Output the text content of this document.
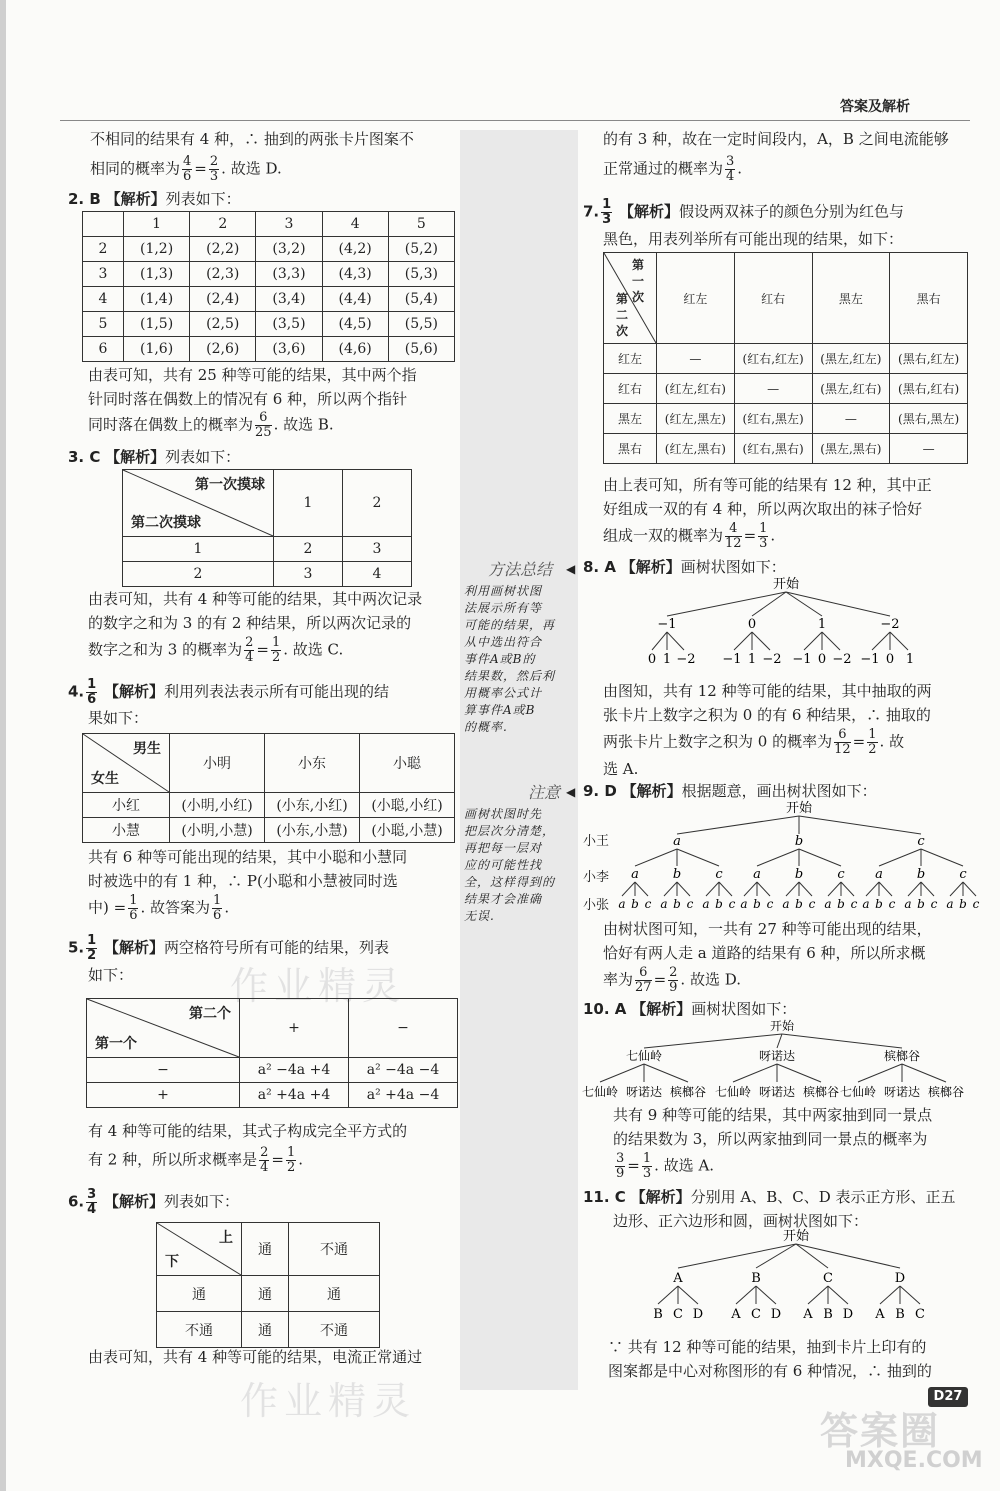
答案及解析
不相同的结果有 4 种，∴ 抽到的两张卡片图案不
相同的概率为 $\frac{4}{6} = \frac{2}{3}$ . 故选 D.
2. B 【解析】列表如下：
	1	2	3	4	5
2	(1,2)	(2,2)	(3,2)	(4,2)	(5,2)
3	(1,3)	(2,3)	(3,3)	(4,3)	(5,3)
4	(1,4)	(2,4)	(3,4)	(4,4)	(5,4)
5	(1,5)	(2,5)	(3,5)	(4,5)	(5,5)
6	(1,6)	(2,6)	(3,6)	(4,6)	(5,6)
由表可知，共有 25 种等可能的结果，其中两个指
针同时落在偶数上的情况有 6 种，所以两个指针
同时落在偶数上的概率为 $\frac{6}{25}$ . 故选 B.
3. C 【解析】列表如下：
第一次摸球
第二次摸球	1	2
1	2	3
2	3	4
由表可知，共有 4 种等可能的结果，其中两次记录
的数字之和为 3 的有 2 种结果，所以两次记录的
数字之和为 3 的概率为 $\frac{2}{4} = \frac{1}{2}$ . 故选 C.
4. $\frac{1}{6}$ 【解析】利用列表法表示所有可能出现的结
果如下：
男生
女生	小明	小东	小聪
小红	(小明,小红)	(小东,小红)	(小聪,小红)
小慧	(小明,小慧)	(小东,小慧)	(小聪,小慧)
共有 6 种等可能出现的结果，其中小聪和小慧同
时被选中的有 1 种，∴ P(小聪和小慧被同时选
中) = $\frac{1}{6}$ . 故答案为 $\frac{1}{6}$ .
5. $\frac{1}{2}$ 【解析】两空格符号所有可能的结果，列表
如下：	作业精灵
第二个
第一个	+	−
−	a² −4a +4	a² −4a −4
+	a² +4a +4	a² +4a −4
有 4 种等可能的结果，其式子构成完全平方式的
有 2 种，所以所求概率是 $\frac{2}{4} = \frac{1}{2}$ .
6. $\frac{3}{4}$ 【解析】列表如下：
上
下	通	不通
通	通	通
不通	通	不通
由表可知，共有 4 种等可能的结果，电流正常通过
作业精灵
方法总结 ◀
利用画树状图
法展示所有等
可能的结果，再
从中选出符合
事件A或B的
结果数，然后利
用概率公式计
算事件A或B
的概率.
注意 ◀
画树状图时先
把层次分清楚，
再把每一层对
应的可能性找
全，这样得到的
结果才会准确
无误.
的有 3 种，故在一定时间段内，A，B 之间电流能够
正常通过的概率为 $\frac{3}{4}$ .
7. $\frac{1}{3}$ 【解析】假设两双袜子的颜色分别为红色与
黑色，用表列举所有可能出现的结果，如下：
第一次
第二次	红左	红右	黑左	黑右
红左	—	(红右,红左)	(黑左,红左)	(黑右,红左)
红右	(红左,红右)	—	(黑左,红右)	(黑右,红右)
黑左	(红左,黑左)	(红右,黑左)	—	(黑右,黑左)
黑右	(红左,黑右)	(红右,黑右)	(黑左,黑右)	—
由上表可知，所有等可能的结果有 12 种，其中正
好组成一双的有 4 种，所以两次取出的袜子恰好
组成一双的概率为 $\frac{4}{12} = \frac{1}{3}$ .
8. A 【解析】画树状图如下：
开始
−1	0	1	−2
0 1 −2 −1 1 −2 −1 0 −2 −1 0 1
由图知，共有 12 种等可能的结果，其中抽取的两
张卡片上数字之积为 0 的有 6 种结果，∴ 抽取的
两张卡片上数字之积为 0 的概率为 $\frac{6}{12} = \frac{1}{2}$ . 故
选 A.
9. D 【解析】根据题意，画出树状图如下：
小王
小李
小张
开始
a
a
a b c
b
a b c
c
a b c
b
a
a b c
b
a b c
c
a b c
c
a
a b c
b
a b c
c
a b c
由树状图可知，一共有 27 种等可能出现的结果，
恰好有两人走 a 道路的结果有 6 种，所以所求概
率为 $\frac{6}{27} = \frac{2}{9}$ . 故选 D.
10. A 【解析】画树状图如下：
开始
七仙岭
七仙岭 呀诺达 槟榔谷
呀诺达
七仙岭 呀诺达 槟榔谷
槟榔谷
七仙岭 呀诺达 槟榔谷
共有 9 种等可能的结果，其中两家抽到同一景点
的结果数为 3，所以两家抽到同一景点的概率为
$\frac{3}{9} = \frac{1}{3}$ . 故选 A.
11. C 【解析】分别用 A、B、C、D 表示正方形、正五
边形、正六边形和圆，画树状图如下：
开始
A
B C D
B
A C D
C
A B D
D
A B C
∵ 共有 12 种等可能的结果，抽到卡片上印有的
图案都是中心对称图形的有 6 种情况，∴ 抽到的
D27
答案圈
MXQE.COM
